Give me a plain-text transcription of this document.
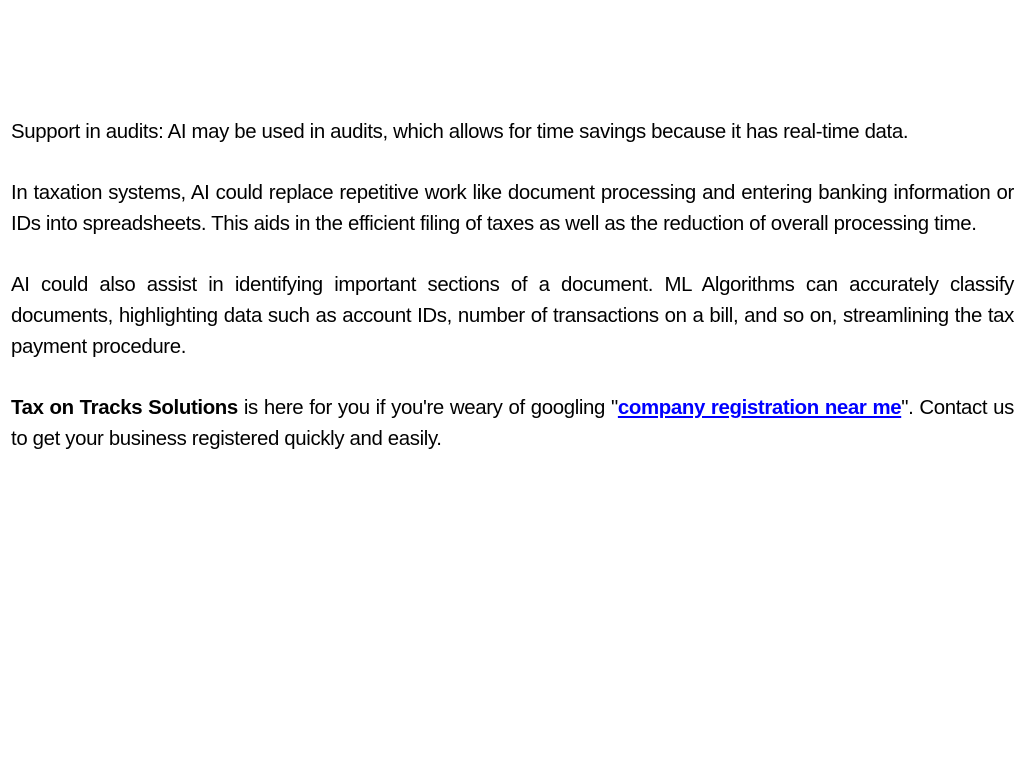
Support in audits: AI may be used in audits, which allows for time savings because it has real-time data.

In taxation systems, AI could replace repetitive work like document processing and entering banking information or IDs into spreadsheets. This aids in the efficient filing of taxes as well as the reduction of overall processing time.

AI could also assist in identifying important sections of a document. ML Algorithms can accurately classify documents, highlighting data such as account IDs, number of transactions on a bill, and so on, streamlining the tax payment procedure.

Tax on Tracks Solutions is here for you if you're weary of googling "company registration near me". Contact us to get your business registered quickly and easily.
